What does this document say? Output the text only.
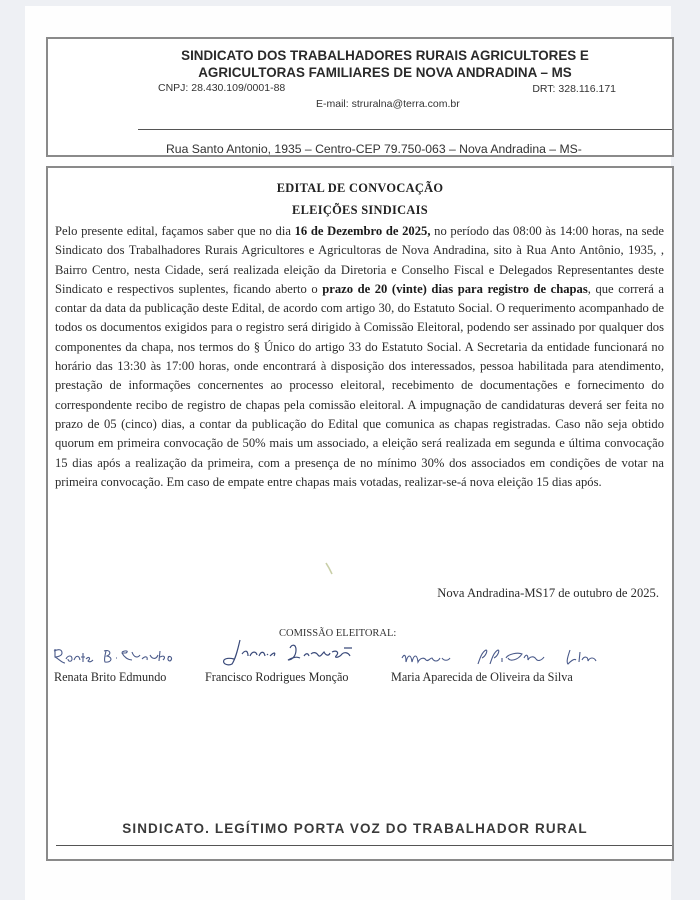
SINDICATO DOS TRABALHADORES RURAIS AGRICULTORES E
AGRICULTORAS FAMILIARES DE NOVA ANDRADINA – MS
CNPJ: 28.430.109/0001-88	DRT: 328.116.171
E-mail: struralna@terra.com.br
Rua Santo Antonio, 1935 – Centro-CEP 79.750-063 – Nova Andradina – MS-
EDITAL DE CONVOCAÇÃO
ELEIÇÕES SINDICAIS
Pelo presente edital, façamos saber que no dia 16 de Dezembro de 2025, no período das 08:00 às 14:00 horas, na sede Sindicato dos Trabalhadores Rurais Agricultores e Agricultoras de Nova Andradina, sito à Rua Anto Antônio, 1935, , Bairro Centro, nesta Cidade, será realizada eleição da Diretoria e Conselho Fiscal e Delegados Representantes deste Sindicato e respectivos suplentes, ficando aberto o prazo de 20 (vinte) dias para registro de chapas, que correrá a contar da data da publicação deste Edital, de acordo com artigo 30, do Estatuto Social. O requerimento acompanhado de todos os documentos exigidos para o registro será dirigido à Comissão Eleitoral, podendo ser assinado por qualquer dos componentes da chapa, nos termos do § Único do artigo 33 do Estatuto Social. A Secretaria da entidade funcionará no horário das 13:30 às 17:00 horas, onde encontrará à disposição dos interessados, pessoa habilitada para atendimento, prestação de informações concernentes ao processo eleitoral, recebimento de documentações e fornecimento do correspondente recibo de registro de chapas pela comissão eleitoral. A impugnação de candidaturas deverá ser feita no prazo de 05 (cinco) dias, a contar da publicação do Edital que comunica as chapas registradas. Caso não seja obtido quorum em primeira convocação de 50% mais um associado, a eleição será realizada em segunda e última convocação 15 dias após a realização da primeira, com a presença de no mínimo 30% dos associados em condições de votar na primeira convocação. Em caso de empate entre chapas mais votadas, realizar-se-á nova eleição 15 dias após.
Nova Andradina-MS17 de outubro de 2025.
COMISSÃO ELEITORAL:
Renata Brito Edmundo	Francisco Rodrigues Monção	Maria Aparecida de Oliveira da Silva
SINDICATO. LEGÍTIMO PORTA VOZ DO TRABALHADOR RURAL
